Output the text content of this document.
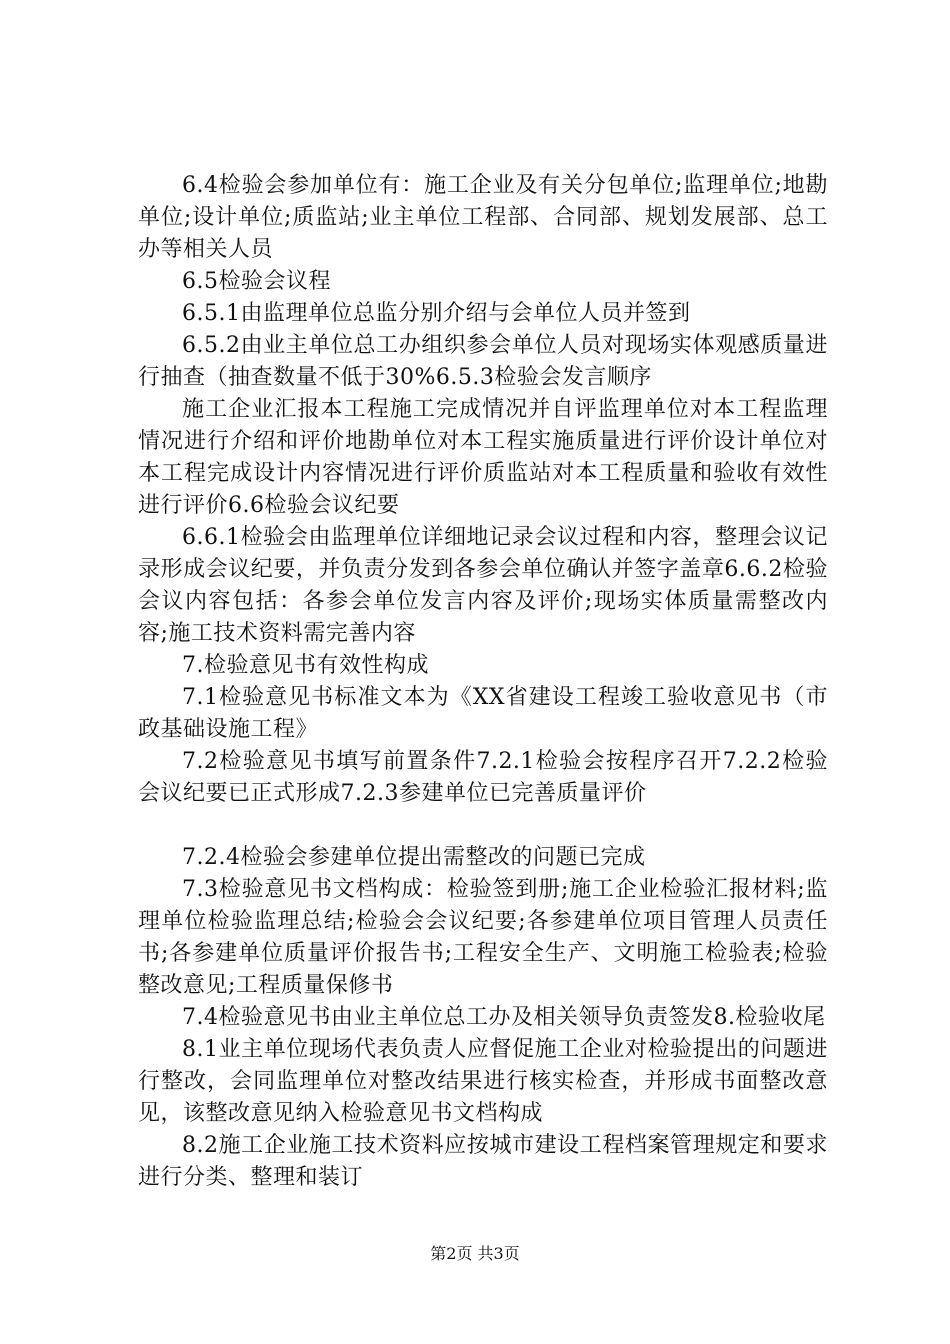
6.4检验会参加单位有：施工企业及有关分包单位;监理单位;地勘单位;设计单位;质监站;业主单位工程部、合同部、规划发展部、总工办等相关人员

6.5检验会议程

6.5.1由监理单位总监分别介绍与会单位人员并签到

6.5.2由业主单位总工办组织参会单位人员对现场实体观感质量进行抽查（抽查数量不低于30%6.5.3检验会发言顺序

施工企业汇报本工程施工完成情况并自评监理单位对本工程监理情况进行介绍和评价地勘单位对本工程实施质量进行评价设计单位对本工程完成设计内容情况进行评价质监站对本工程质量和验收有效性进行评价6.6检验会议纪要

6.6.1检验会由监理单位详细地记录会议过程和内容，整理会议记录形成会议纪要，并负责分发到各参会单位确认并签字盖章6.6.2检验会议内容包括：各参会单位发言内容及评价;现场实体质量需整改内容;施工技术资料需完善内容

7.检验意见书有效性构成

7.1检验意见书标准文本为《XX省建设工程竣工验收意见书（市政基础设施工程》

7.2检验意见书填写前置条件7.2.1检验会按程序召开7.2.2检验会议纪要已正式形成7.2.3参建单位已完善质量评价

7.2.4检验会参建单位提出需整改的问题已完成

7.3检验意见书文档构成：检验签到册;施工企业检验汇报材料;监理单位检验监理总结;检验会会议纪要;各参建单位项目管理人员责任书;各参建单位质量评价报告书;工程安全生产、文明施工检验表;检验整改意见;工程质量保修书

7.4检验意见书由业主单位总工办及相关领导负责签发8.检验收尾

8.1业主单位现场代表负责人应督促施工企业对检验提出的问题进行整改，会同监理单位对整改结果进行核实检查，并形成书面整改意见，该整改意见纳入检验意见书文档构成

8.2施工企业施工技术资料应按城市建设工程档案管理规定和要求进行分类、整理和装订

第2页 共3页
